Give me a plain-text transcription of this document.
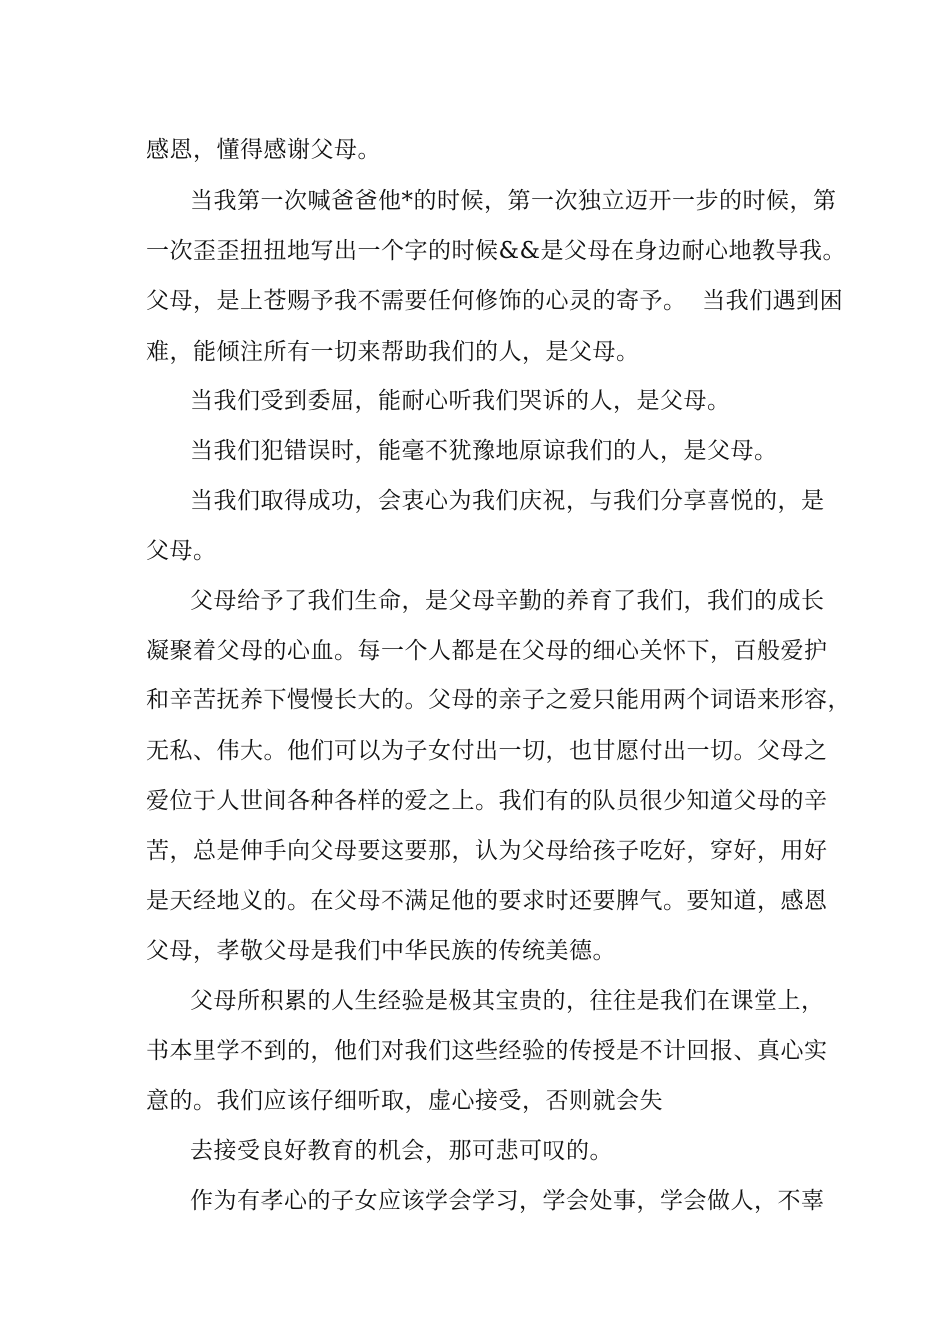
感恩，懂得感谢父母。
当我第一次喊爸爸他*的时候，第一次独立迈开一步的时候，第
一次歪歪扭扭地写出一个字的时候&&是父母在身边耐心地教导我。
父母，是上苍赐予我不需要任何修饰的心灵的寄予。  当我们遇到困
难，能倾注所有一切来帮助我们的人，是父母。
当我们受到委屈，能耐心听我们哭诉的人，是父母。
当我们犯错误时，能毫不犹豫地原谅我们的人，是父母。
当我们取得成功，会衷心为我们庆祝，与我们分享喜悦的，是
父母。
父母给予了我们生命，是父母辛勤的养育了我们，我们的成长
凝聚着父母的心血。每一个人都是在父母的细心关怀下，百般爱护
和辛苦抚养下慢慢长大的。父母的亲子之爱只能用两个词语来形容，
无私、伟大。他们可以为子女付出一切，也甘愿付出一切。父母之
爱位于人世间各种各样的爱之上。我们有的队员很少知道父母的辛
苦，总是伸手向父母要这要那，认为父母给孩子吃好，穿好，用好
是天经地义的。在父母不满足他的要求时还要脾气。要知道，感恩
父母，孝敬父母是我们中华民族的传统美德。
父母所积累的人生经验是极其宝贵的，往往是我们在课堂上，
书本里学不到的，他们对我们这些经验的传授是不计回报、真心实
意的。我们应该仔细听取，虚心接受，否则就会失
去接受良好教育的机会，那可悲可叹的。
作为有孝心的子女应该学会学习，学会处事，学会做人，不辜
